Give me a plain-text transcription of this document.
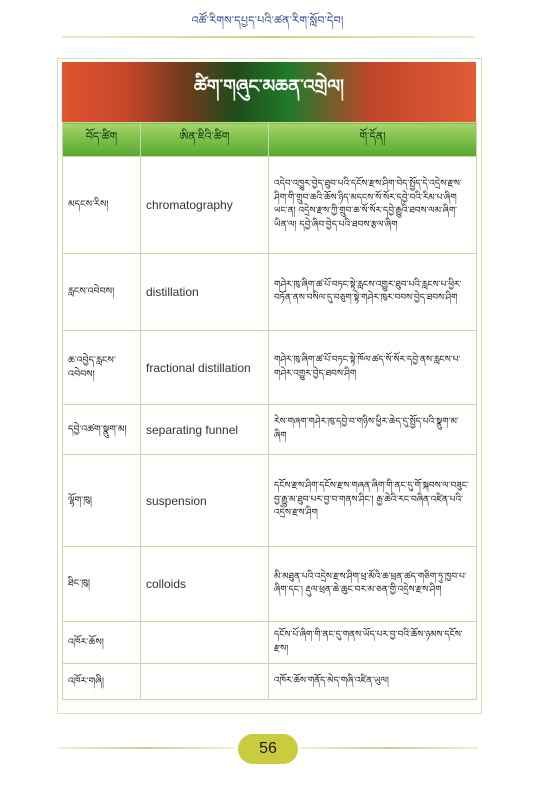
འཚོ་རིགས་དཔྱད་པའི་ཚན་རིག་སློབ་དེབ།
ཚིག་གཞུང་མཆན་འགྲེལ།
བོད་ཚིག	ཨིན་ཇིའི་ཚིག	གོ་དོན།
མདངས་རིས།	chromatography	འདེབ་འཁྱུར་བྱེད་ཐུབ་པའི་དངོས་རྫས་ཤིག་བེད་སྤྱོད་དེ་འདྲེས་རྫས་ཤིག་གི་གྲུབ་ཆའི་ཆོས་ཉིད་མདངས་སོ་སོར་དབྱེ་བའི་རིམ་པ་ཞིག ཡང་ན། འདྲེས་རྫས་ཀྱི་གྲུབ་ཆ་སོ་སོར་དབྱེ་རྒྱུའི་ཐབས་ལམ་ཞིག་ཡིན་ལ། དབྱེ་ཞིབ་བྱེད་པའི་ཐབས་རྩལ་ཞིག
རླངས་འབེབས།	distillation	གཤེར་ཁུ་ཞིག་ཚ་པོ་བཏང་སྟེ་རླངས་འགྱུར་ཐུབ་པའི་རླངས་པ་ཕྱིར་བཏོན་ནས་བསིལ་དུ་བཅུག་སྟེ་གཤེར་ཁུར་བབས་བྱེད་ཐབས་ཤིག
ཆ་འབྱེད་རླངས་འབེབས།	fractional distillation	གཤེར་ཁུ་ཞིག་ཚ་པོ་བཏང་སྟེ་ཁོལ་ཚད་སོ་སོར་དབྱེ་ནས་རླངས་པ་གཤེར་འགྱུར་བྱེད་ཐབས་ཤིག
དབྱེ་འཚག་སྣུག་མ།	separating funnel	རེས་གཞག་གཤེར་ཁུ་དབྱེ་བ་གཉིས་ཕྱིར་ཆེད་དུ་སྤྱོད་པའི་སྣུག་མ་ཞིག
ལྷོག་ཁུ།	suspension	དངོས་རྫས་ཤིག་དངོས་རྫས་གཞན་ཞིག་གི་ནང་དུ་གོ་སྐབས་ལ་བཟུང་བྱ་རྒྱུ་མ་ཐུབ་པར་བྱ་བ་གནས་ཤིང་། རྒྱ་ཆེའི་རང་བཞིན་འཛིན་པའི་འདྲེས་རྫས་ཤིག
ཐིང་ཁུ།	colloids	མི་མཐུན་པའི་འདྲེས་རྫས་ཤིག་ཕྲ་མོའི་ཆ་ཕྲན་ཚད་གཅིག་ཏུ་ཁྱབ་པ་ཞིག་དང་། རྡུལ་ཕྲན་ཆེ་ཆུང་བར་མ་ཅན་གྱི་འདྲེས་རྫས་ཤིག
འཁོར་ཆོས།		དངོས་པོ་ཞིག་གི་ནང་དུ་གནས་ཡོད་པར་བྱ་བའི་ཆོས་ཉམས་དངོས་རྫས།
འཁོར་གཞི།		འཁོར་ཆོས་གནོད་མེད་གཞི་འཛིན་ཡུལ།
56
